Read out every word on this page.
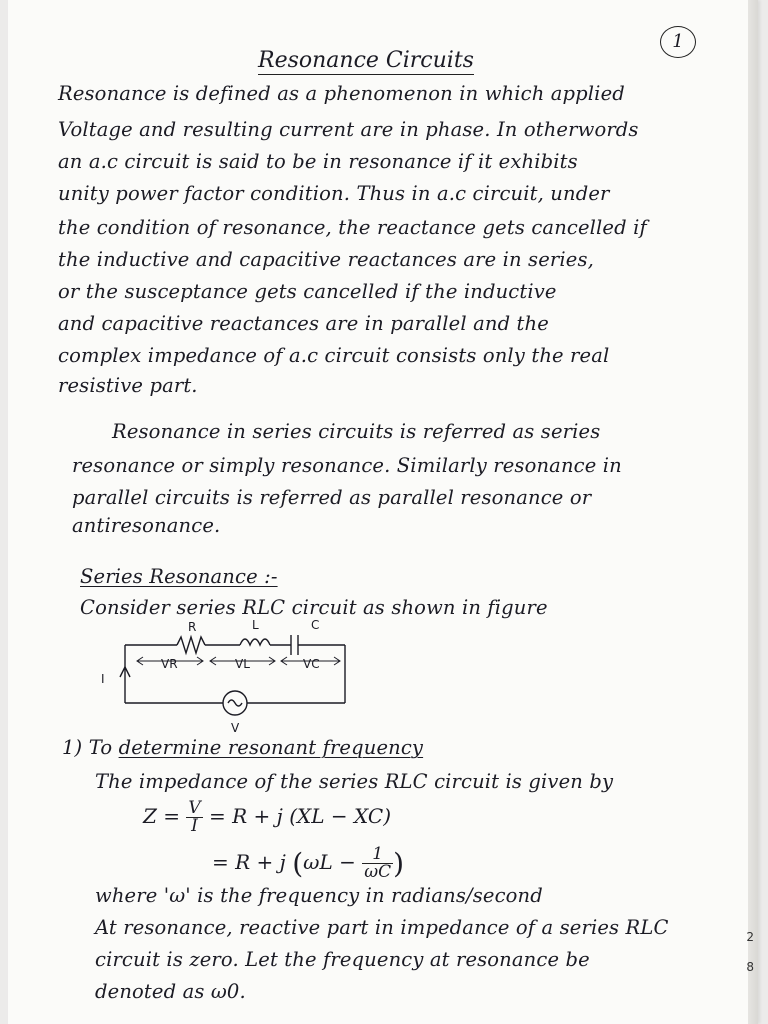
2
8
1
Resonance Circuits
Resonance is defined as a phenomenon in which applied
Voltage and resulting current are in phase. In otherwords
an a.c circuit is said to be in resonance if it exhibits
unity power factor condition. Thus in a.c circuit, under
the condition of resonance, the reactance gets cancelled if
the inductive and capacitive reactances are in series,
or the susceptance gets cancelled if the inductive
and capacitive reactances are in parallel and the
complex impedance of a.c circuit consists only the real
resistive part.
Resonance in series circuits is referred as series
resonance or simply resonance. Similarly resonance in
parallel circuits is referred as parallel resonance or
antiresonance.
Series Resonance :-
Consider series RLC circuit as shown in figure
R	L	C
VR	VL	VC
I
V
1) To determine resonant frequency
The impedance of the series RLC circuit is given by
$Z = \frac{V}{I} = R + j$ (XL − XC)
= R + j ($\omega L - \frac{1}{\omega C}$ )
where 'ω' is the frequency in radians/second
At resonance, reactive part in impedance of a series RLC
circuit is zero. Let the frequency at resonance be
denoted as ω0.
